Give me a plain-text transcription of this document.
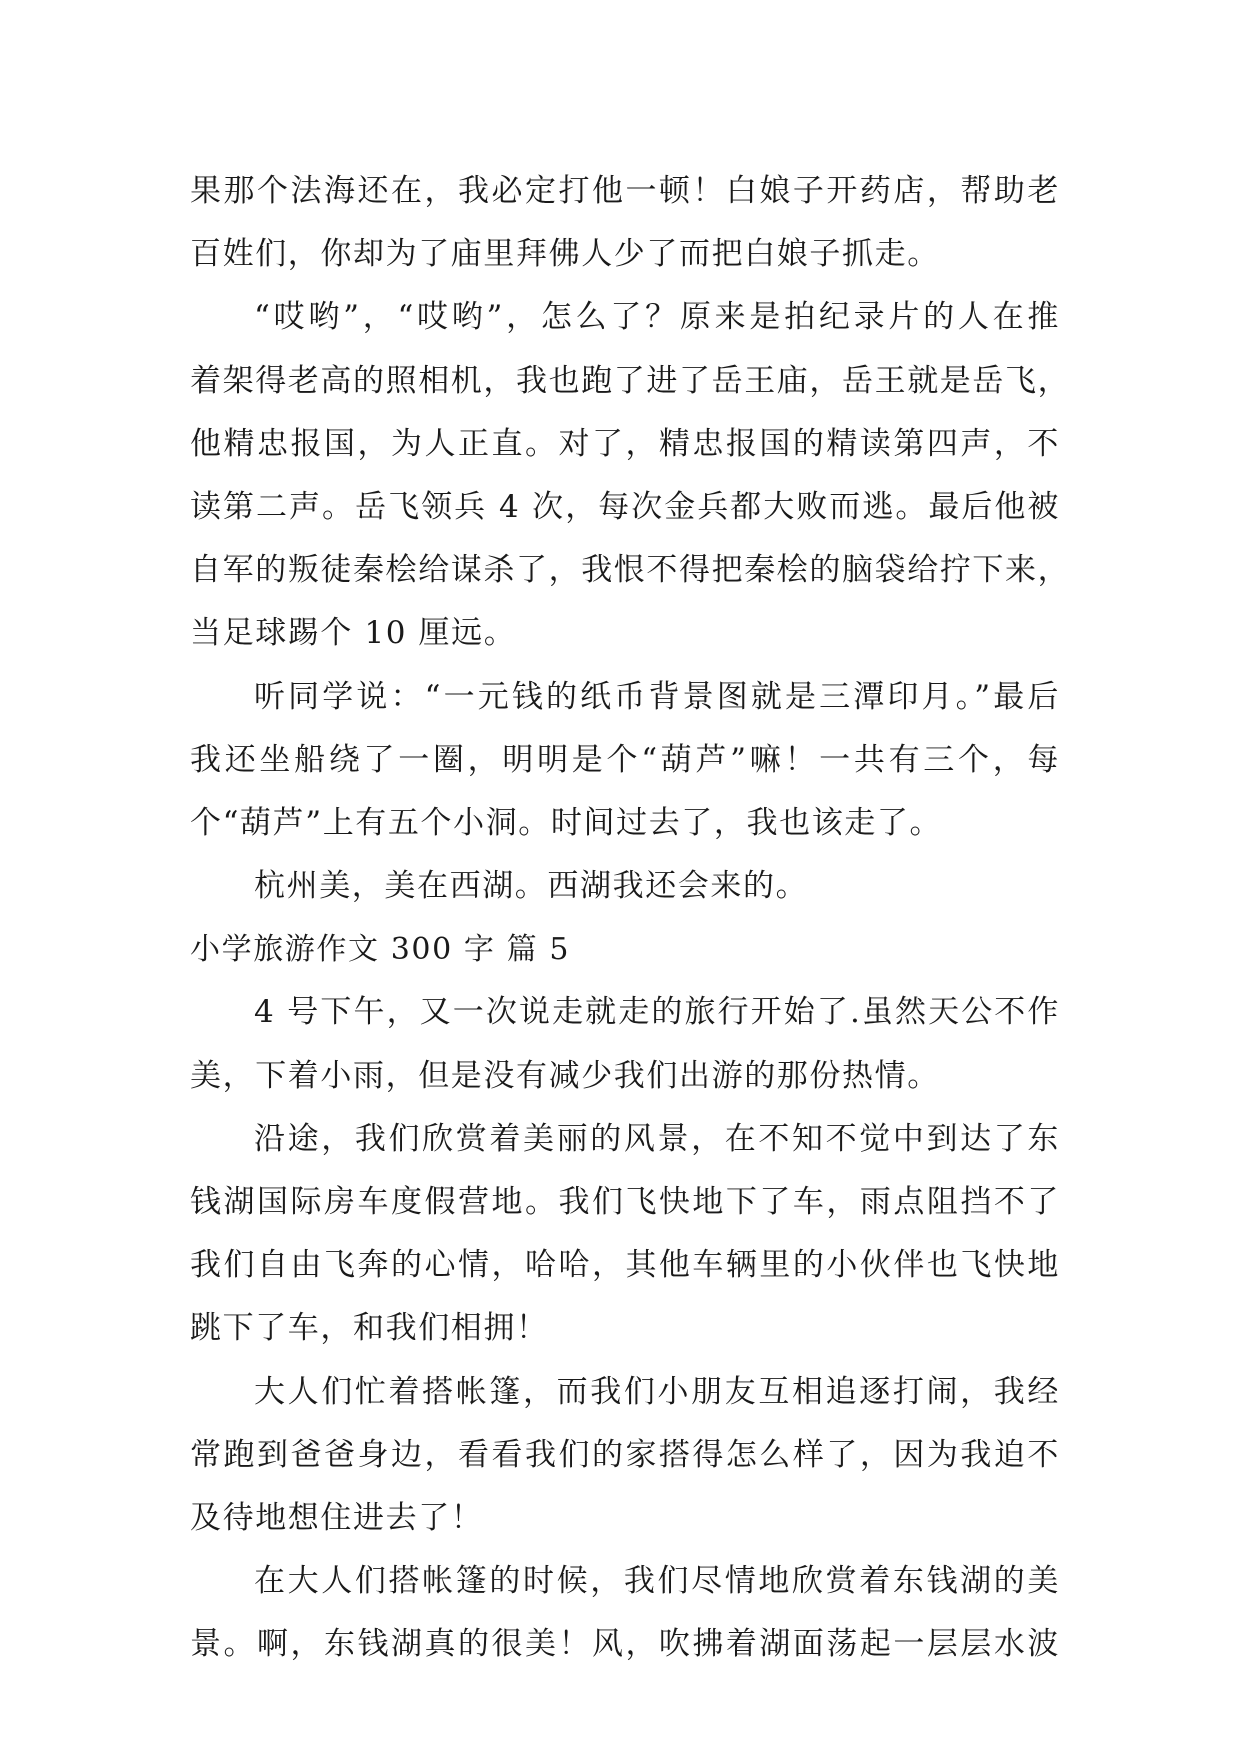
果那个法海还在，我必定打他一顿！白娘子开药店，帮助老
百姓们，你却为了庙里拜佛人少了而把白娘子抓走。
“哎哟”，“哎哟”，怎么了？原来是拍纪录片的人在推
着架得老高的照相机，我也跑了进了岳王庙，岳王就是岳飞，
他精忠报国，为人正直。对了，精忠报国的精读第四声，不
读第二声。岳飞领兵 4 次，每次金兵都大败而逃。最后他被
自军的叛徒秦桧给谋杀了，我恨不得把秦桧的脑袋给拧下来，
当足球踢个 10 厘远。
听同学说：“一元钱的纸币背景图就是三潭印月。”最后
我还坐船绕了一圈，明明是个“葫芦”嘛！一共有三个，每
个“葫芦”上有五个小洞。时间过去了，我也该走了。
杭州美，美在西湖。西湖我还会来的。
小学旅游作文 300 字 篇 5
4 号下午，又一次说走就走的旅行开始了.虽然天公不作
美，下着小雨，但是没有减少我们出游的那份热情。
沿途，我们欣赏着美丽的风景，在不知不觉中到达了东
钱湖国际房车度假营地。我们飞快地下了车，雨点阻挡不了
我们自由飞奔的心情，哈哈，其他车辆里的小伙伴也飞快地
跳下了车，和我们相拥！
大人们忙着搭帐篷，而我们小朋友互相追逐打闹，我经
常跑到爸爸身边，看看我们的家搭得怎么样了，因为我迫不
及待地想住进去了！
在大人们搭帐篷的时候，我们尽情地欣赏着东钱湖的美
景。啊，东钱湖真的很美！风，吹拂着湖面荡起一层层水波
